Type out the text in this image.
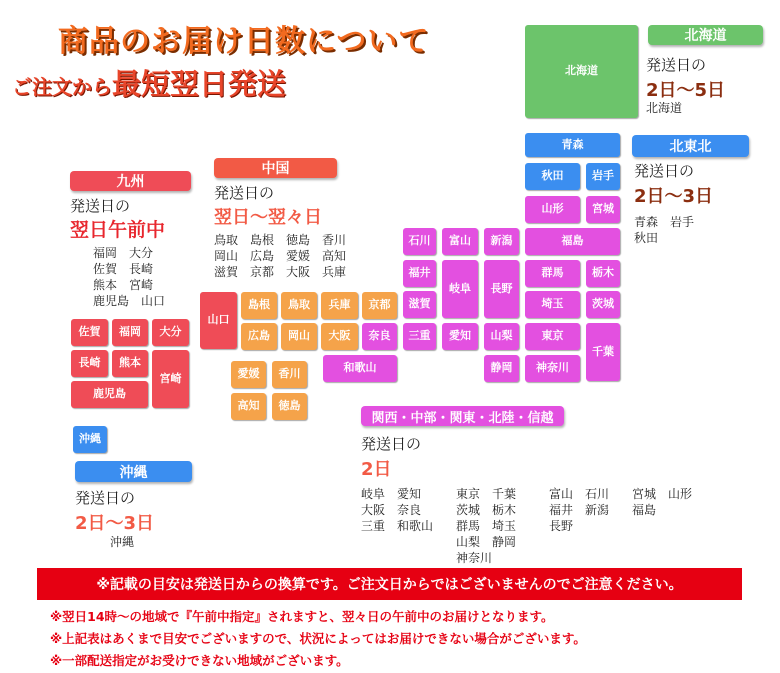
商品のお届け日数について
ご注文から最短翌日発送	北海道
青森
秋田	岩手
山形	宮城
石川	富山	新潟	福島
福井
岐阜	長野
群馬	栃木
埼玉	茨城
滋賀
三重	愛知	山梨	東京
千葉
静岡	神奈川
和歌山
奈良
山口
島根	鳥取	兵庫	京都
広島	岡山	大阪
愛媛	香川
高知	徳島
佐賀	福岡	大分
長崎	熊本
宮崎
鹿児島
沖縄
北海道
発送日の
2日～5日
北海道
北東北
発送日の
2日～3日
青森　岩手
秋田
九州
発送日の
翌日午前中
福岡　大分
佐賀　長崎
熊本　宮崎
鹿児島　山口
中国
発送日の
翌日～翌々日
鳥取　島根　徳島　香川
岡山　広島　愛媛　高知
滋賀　京都　大阪　兵庫
沖縄
発送日の
2日～3日
沖縄
関西・中部・関東・北陸・信越
発送日の
2日
岐阜　愛知
大阪　奈良
三重　和歌山
東京　千葉
茨城　栃木
群馬　埼玉
山梨　静岡
神奈川
富山　石川
福井　新潟
長野
宮城　山形
福島
※記載の目安は発送日からの換算です。ご注文日からではございませんのでご注意ください。
※翌日14時～の地域で『午前中指定』されますと、翌々日の午前中のお届けとなります。
※上記表はあくまで目安でございますので、状況によってはお届けできない場合がございます。
※一部配送指定がお受けできない地域がございます。
